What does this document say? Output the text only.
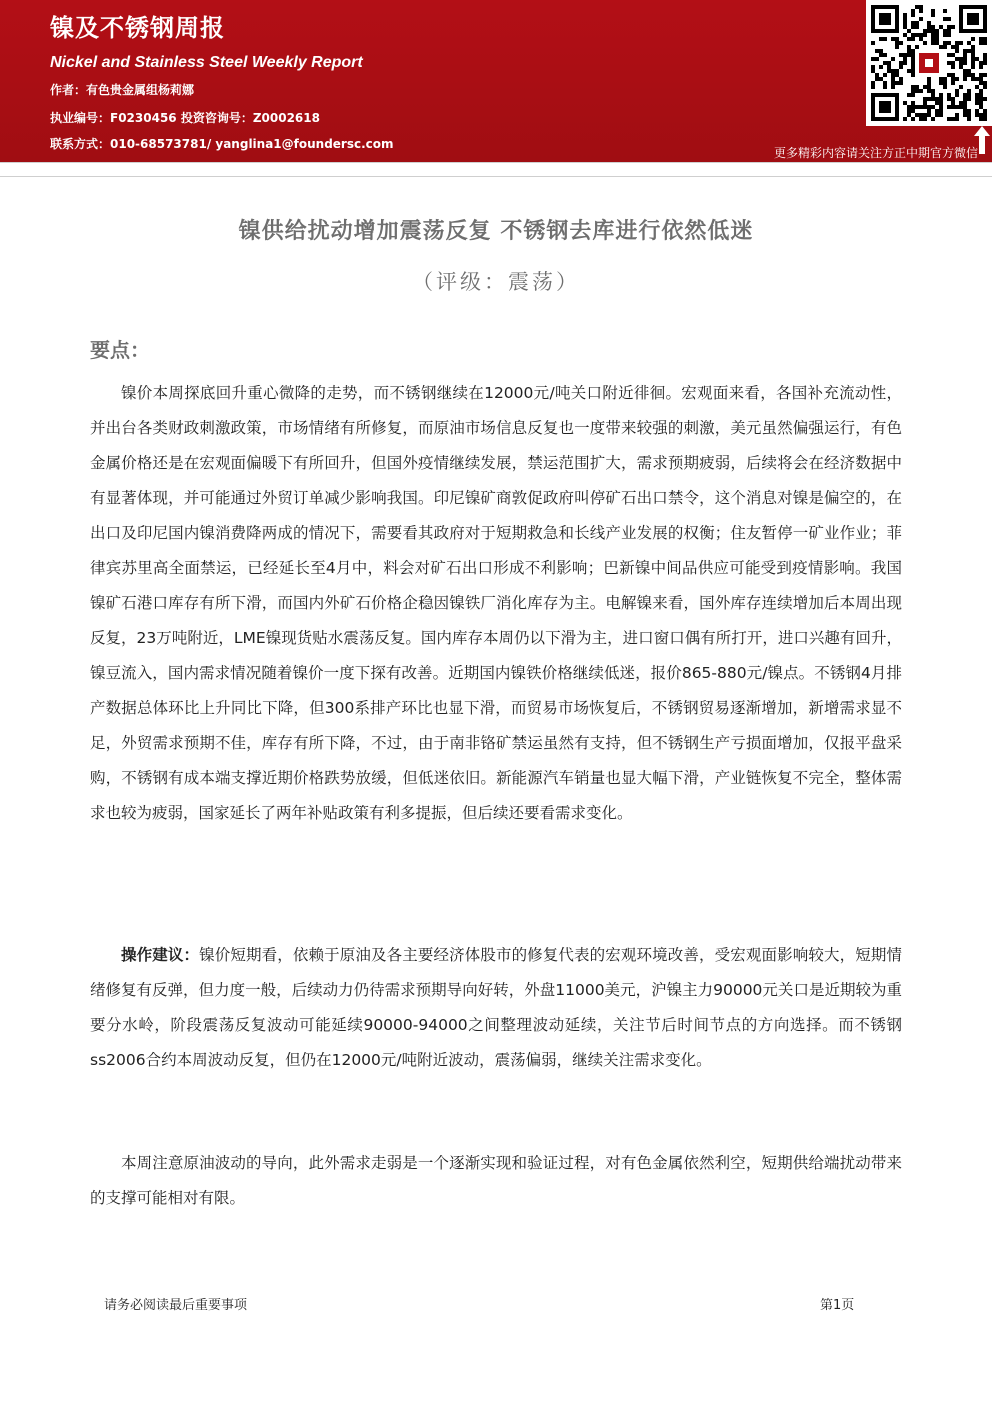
镍及不锈钢周报
Nickel and Stainless Steel Weekly Report
作者：有色贵金属组杨莉娜
执业编号：F0230456 投资咨询号：Z0002618
联系方式：010-68573781/ yanglina1@foundersc.com
更多精彩内容请关注方正中期官方微信
镍供给扰动增加震荡反复 不锈钢去库进行依然低迷
（评级：震荡）
要点：

镍价本周探底回升重心微降的走势，而不锈钢继续在12000元/吨关口附近徘徊。宏观面来看，各国补充流动性，并出台各类财政刺激政策，市场情绪有所修复，而原油市场信息反复也一度带来较强的刺激，美元虽然偏强运行，有色金属价格还是在宏观面偏暖下有所回升，但国外疫情继续发展，禁运范围扩大，需求预期疲弱，后续将会在经济数据中有显著体现，并可能通过外贸订单减少影响我国。印尼镍矿商敦促政府叫停矿石出口禁令，这个消息对镍是偏空的，在出口及印尼国内镍消费降两成的情况下，需要看其政府对于短期救急和长线产业发展的权衡；住友暂停一矿业作业；菲律宾苏里高全面禁运，已经延长至4月中，料会对矿石出口形成不利影响；巴新镍中间品供应可能受到疫情影响。我国镍矿石港口库存有所下滑，而国内外矿石价格企稳因镍铁厂消化库存为主。电解镍来看，国外库存连续增加后本周出现反复，23万吨附近，LME镍现货贴水震荡反复。国内库存本周仍以下滑为主，进口窗口偶有所打开，进口兴趣有回升，镍豆流入，国内需求情况随着镍价一度下探有改善。近期国内镍铁价格继续低迷，报价865-880元/镍点。不锈钢4月排产数据总体环比上升同比下降，但300系排产环比也显下滑，而贸易市场恢复后，不锈钢贸易逐渐增加，新增需求显不足，外贸需求预期不佳，库存有所下降，不过，由于南非铬矿禁运虽然有支持，但不锈钢生产亏损面增加，仅报平盘采购，不锈钢有成本端支撑近期价格跌势放缓，但低迷依旧。新能源汽车销量也显大幅下滑，产业链恢复不完全，整体需求也较为疲弱，国家延长了两年补贴政策有利多提振，但后续还要看需求变化。

操作建议：镍价短期看，依赖于原油及各主要经济体股市的修复代表的宏观环境改善，受宏观面影响较大，短期情绪修复有反弹，但力度一般，后续动力仍待需求预期导向好转，外盘11000美元，沪镍主力90000元关口是近期较为重要分水岭，阶段震荡反复波动可能延续90000-94000之间整理波动延续，关注节后时间节点的方向选择。而不锈钢ss2006合约本周波动反复，但仍在12000元/吨附近波动，震荡偏弱，继续关注需求变化。

本周注意原油波动的导向，此外需求走弱是一个逐渐实现和验证过程，对有色金属依然利空，短期供给端扰动带来的支撑可能相对有限。

请务必阅读最后重要事项	第1页
